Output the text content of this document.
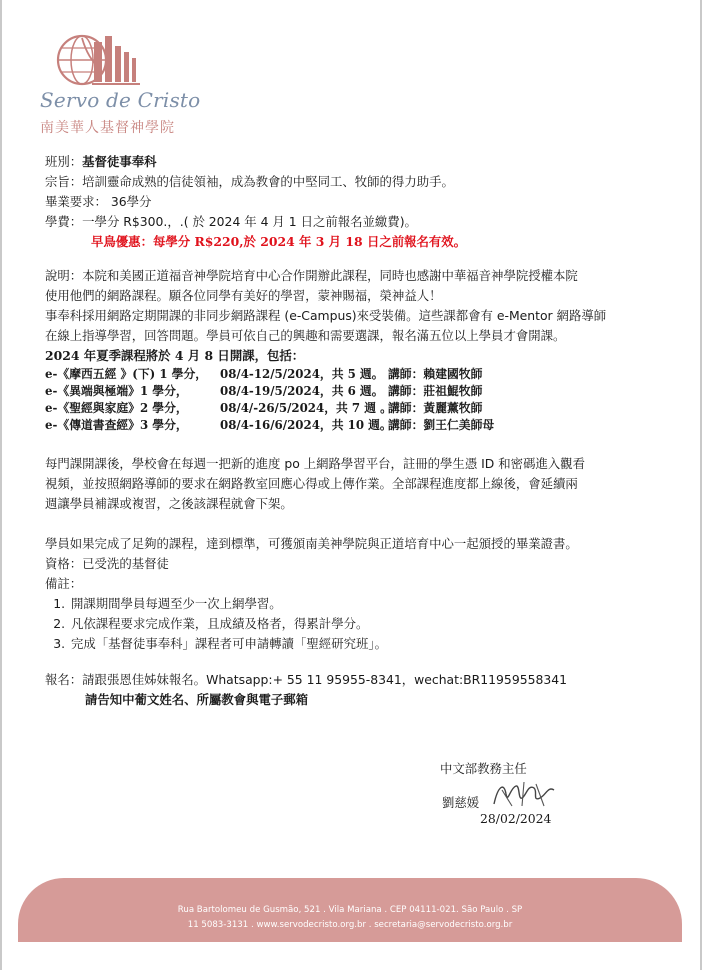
Servo de Cristo
南美華人基督神學院
班別：基督徒事奉科
宗旨：培訓靈命成熟的信徒領袖，成為教會的中堅同工、牧師的得力助手。
畢業要求： 36學分
學費：一學分 R$300.，.( 於 2024 年 4 月 1 日之前報名並繳費)。
早鳥優惠：每學分 R$220,於 2024 年 3 月 18 日之前報名有效。
說明：本院和美國正道福音神學院培育中心合作開辦此課程，同時也感謝中華福音神學院授權本院
使用他們的網路課程。願各位同學有美好的學習，蒙神賜福，榮神益人！
事奉科採用網路定期開課的非同步網路課程 (e-Campus)來受裝備。這些課都會有 e-Mentor 網路導師
在線上指導學習，回答問題。學員可依自己的興趣和需要選課，報名滿五位以上學員才會開課。
2024 年夏季課程將於 4 月 8 日開課，包括：
e-《摩西五經 》(下) 1 學分， 08/4-12/5/2024，共 5 週。 講師：賴建國牧師
e-《異端與極端》1 學分，	08/4-19/5/2024，共 6 週。 講師：莊祖鯤牧師
e-《聖經與家庭》2 學分，	08/4/-26/5/2024，共 7 週 。講師：黃麗薰牧師
e-《傳道書查經》3 學分，	08/4-16/6/2024，共 10 週。講師：劉王仁美師母
每門課開課後，學校會在每週一把新的進度 po 上網路學習平台，註冊的學生憑 ID 和密碼進入觀看
視頻，並按照網路導師的要求在網路教室回應心得或上傳作業。全部課程進度都上線後，會延續兩
週讓學員補課或複習，之後該課程就會下架。
學員如果完成了足夠的課程，達到標準，可獲頒南美神學院與正道培育中心一起頒授的畢業證書。
資格：已受洗的基督徒
備註：
1. 開課期間學員每週至少一次上網學習。
2. 凡依課程要求完成作業，且成績及格者，得累計學分。
3. 完成「基督徒事奉科」課程者可申請轉讀「聖經研究班」。
報名：請跟張恩佳姊妹報名。Whatsapp:+ 55 11 95955-8341，wechat:BR11959558341
請告知中葡文姓名、所屬教會與電子郵箱
中文部教務主任
劉慈媛
28/02/2024
Rua Bartolomeu de Gusmão, 521 . Vila Mariana . CEP 04111-021. São Paulo . SP
11 5083-3131 . www.servodecristo.org.br . secretaria@servodecristo.org.br
